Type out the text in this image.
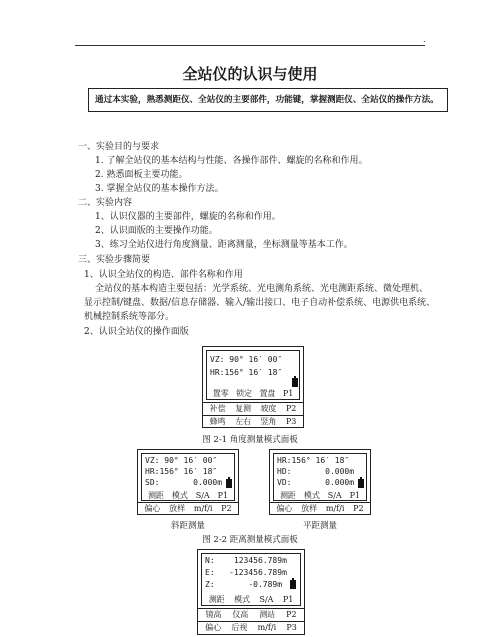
.
全站仪的认识与使用
通过本实验，熟悉测距仪、全站仪的主要部件，功能键，掌握测距仪、全站仪的操作方法。
一、实验目的与要求
1. 了解全站仪的基本结构与性能、各操作部件、螺旋的名称和作用。
2. 熟悉面板主要功能。
3. 掌握全站仪的基本操作方法。
二、实验内容
1、认识仪器的主要部件，螺旋的名称和作用。
2、认识面版的主要操作功能。
3、练习全站仪进行角度测量、距离测量，坐标测量等基本工作。
三、实验步骤简要
1、认识全站仪的构造、部件名称和作用
全站仪的基本构造主要包括：光学系统、光电测角系统、光电测距系统、微处理机、
显示控制/键盘、数据/信息存储器、输入/输出接口、电子自动补偿系统、电源供电系统、
机械控制系统等部分。
2、认识全站仪的操作面版
VZ: 90° 16′ 00″
HR:156° 16′ 18″
置零 锁定 置盘 P1
补偿 复测 坡度 P2
蜂鸣 左右 竖角 P3
图 2-1 角度测量模式面板
VZ: 90° 16′ 00″
HR:156° 16′ 18″
SD:       0.000m
测距 模式 S/A P1
偏心 放样 m/f/i P2
斜距测量
HR:156° 16′ 18″
HD:       0.000m
VD:       0.000m
测距 模式 S/A P1
偏心 放样 m/f/i P2
平距测量
图 2-2 距离测量模式面板
N:    123456.789m
E:   -123456.789m
Z:       -0.789m
测距 模式 S/A P1
镜高 仪高 测站 P2
偏心 后视 m/f/i P3
